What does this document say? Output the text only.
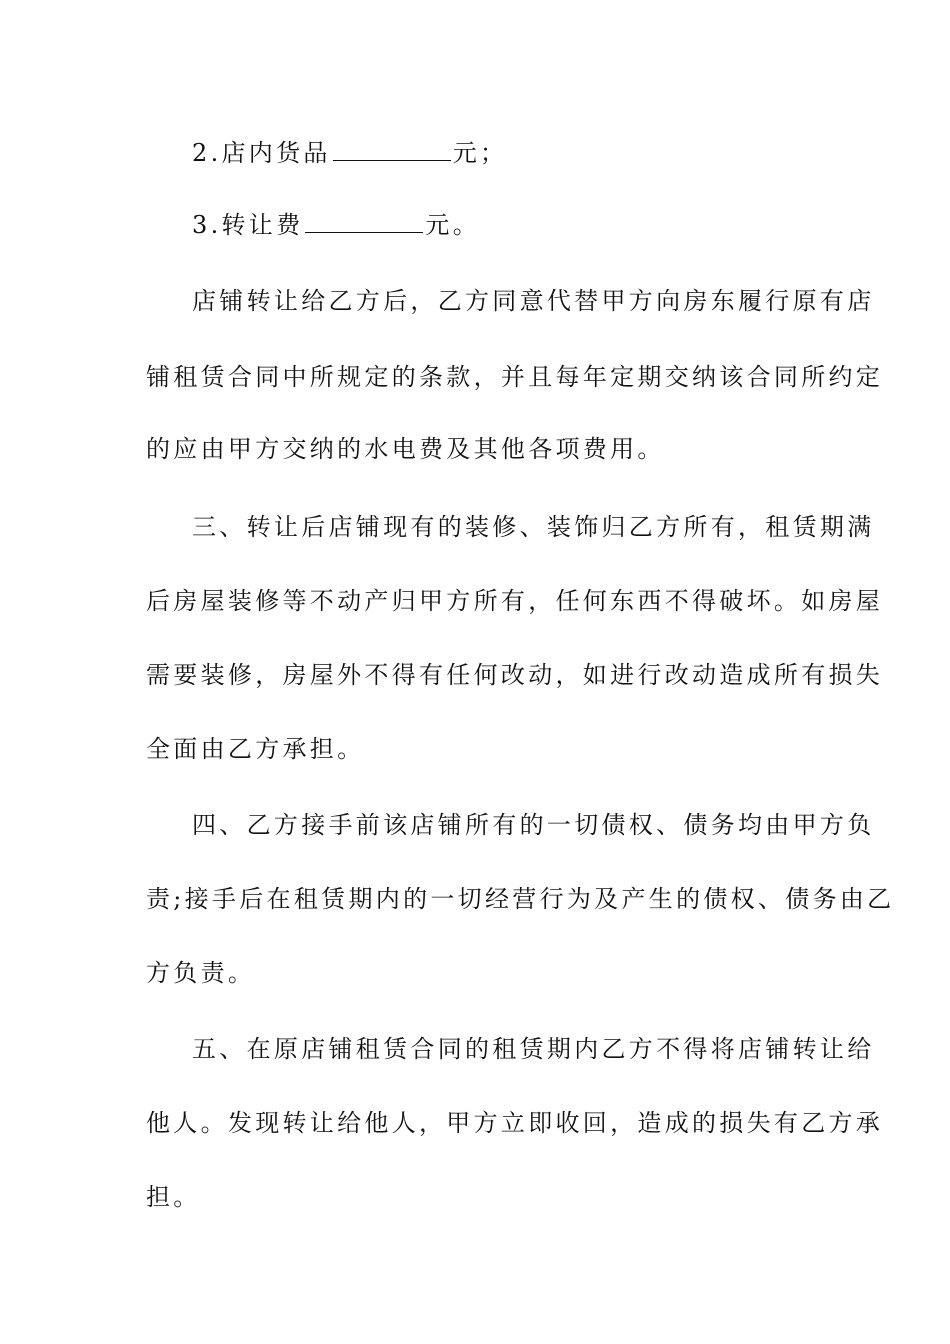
2.店内货品	元；
3.转让费	元。
店铺转让给乙方后，乙方同意代替甲方向房东履行原有店
铺租赁合同中所规定的条款，并且每年定期交纳该合同所约定
的应由甲方交纳的水电费及其他各项费用。
三、转让后店铺现有的装修、装饰归乙方所有，租赁期满
后房屋装修等不动产归甲方所有，任何东西不得破坏。如房屋
需要装修，房屋外不得有任何改动，如进行改动造成所有损失
全面由乙方承担。
四、乙方接手前该店铺所有的一切债权、债务均由甲方负
责;接手后在租赁期内的一切经营行为及产生的债权、债务由乙
方负责。
五、在原店铺租赁合同的租赁期内乙方不得将店铺转让给
他人。发现转让给他人，甲方立即收回，造成的损失有乙方承
担。
